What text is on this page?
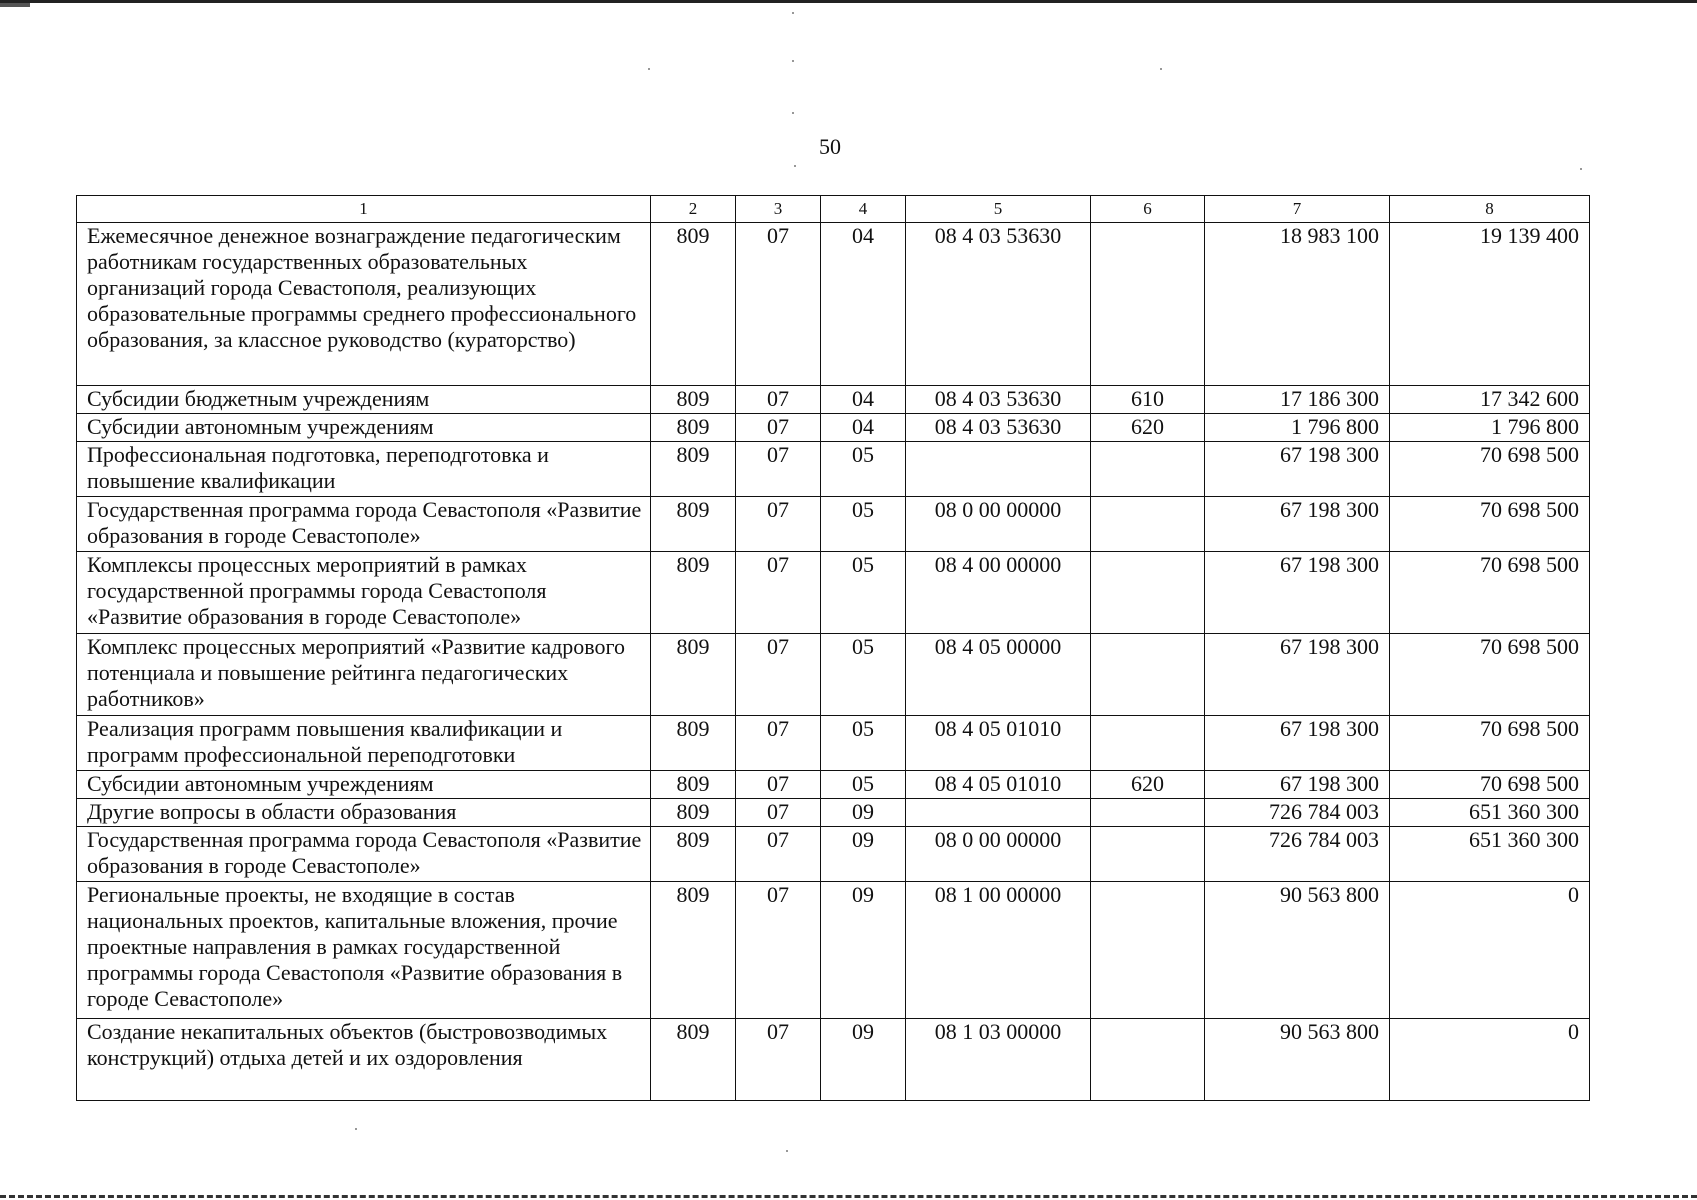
50
1	2	3	4	5	6	7	8
Ежемесячное денежное вознаграждение педагогическим работникам государственных образовательных организаций города Севастополя, реализующих образовательные программы среднего профессионального образования, за классное руководство (кураторство)	809	07	04	08 4 03 53630		18 983 100	19 139 400
Субсидии бюджетным учреждениям	809	07	04	08 4 03 53630	610	17 186 300	17 342 600
Субсидии автономным учреждениям	809	07	04	08 4 03 53630	620	1 796 800	1 796 800
Профессиональная подготовка, переподготовка и повышение квалификации	809	07	05			67 198 300	70 698 500
Государственная программа города Севастополя «Развитие образования в городе Севастополе»	809	07	05	08 0 00 00000		67 198 300	70 698 500
Комплексы процессных мероприятий в рамках государственной программы города Севастополя «Развитие образования в городе Севастополе»	809	07	05	08 4 00 00000		67 198 300	70 698 500
Комплекс процессных мероприятий «Развитие кадрового потенциала и повышение рейтинга педагогических работников»	809	07	05	08 4 05 00000		67 198 300	70 698 500
Реализация программ повышения квалификации и программ профессиональной переподготовки	809	07	05	08 4 05 01010		67 198 300	70 698 500
Субсидии автономным учреждениям	809	07	05	08 4 05 01010	620	67 198 300	70 698 500
Другие вопросы в области образования	809	07	09			726 784 003	651 360 300
Государственная программа города Севастополя «Развитие образования в городе Севастополе»	809	07	09	08 0 00 00000		726 784 003	651 360 300
Региональные проекты, не входящие в состав национальных проектов, капитальные вложения, прочие проектные направления в рамках государственной программы города Севастополя «Развитие образования в городе Севастополе»	809	07	09	08 1 00 00000		90 563 800	0
Создание некапитальных объектов (быстровозводимых конструкций) отдыха детей и их оздоровления	809	07	09	08 1 03 00000		90 563 800	0
